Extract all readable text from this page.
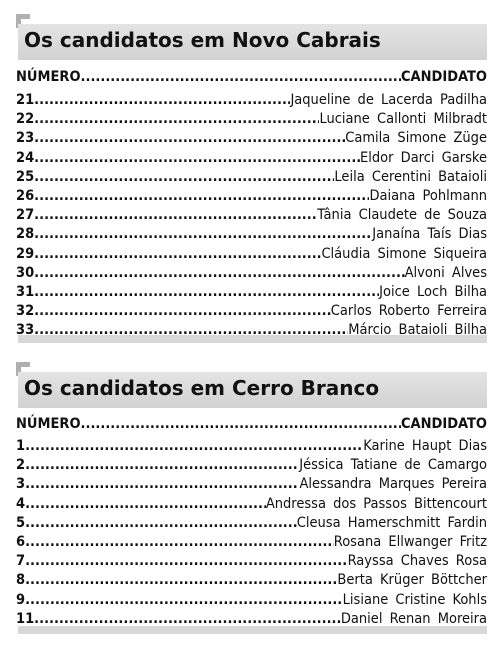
Os candidatos em Novo Cabrais
NÚMERO .....	CANDIDATO
21 .....	Jaqueline de Lacerda Padilha
22 .....	Luciane Callonti Milbradt
23 .....	Camila Simone Züge
24 .....	Eldor Darci Garske
25 .....	Leila Cerentini Bataioli
26 .....	Daiana Pohlmann
27 .....	Tânia Claudete de Souza
28 .....	Janaína Taís Dias
29 .....	Cláudia Simone Siqueira
30 .....	Alvoni Alves
31 .....	Joice Loch Bilha
32 .....	Carlos Roberto Ferreira
33 .....	Márcio Bataioli Bilha
Os candidatos em Cerro Branco
NÚMERO .....	CANDIDATO
1 .....	Karine Haupt Dias
2 .....	Jéssica Tatiane de Camargo
3 .....	Alessandra Marques Pereira
4 .....	Andressa dos Passos Bittencourt
5 .....	Cleusa Hamerschmitt Fardin
6 .....	Rosana Ellwanger Fritz
7 .....	Rayssa Chaves Rosa
8 .....	Berta Krüger Böttcher
9 .....	Lisiane Cristine Kohls
11 .....	Daniel Renan Moreira
